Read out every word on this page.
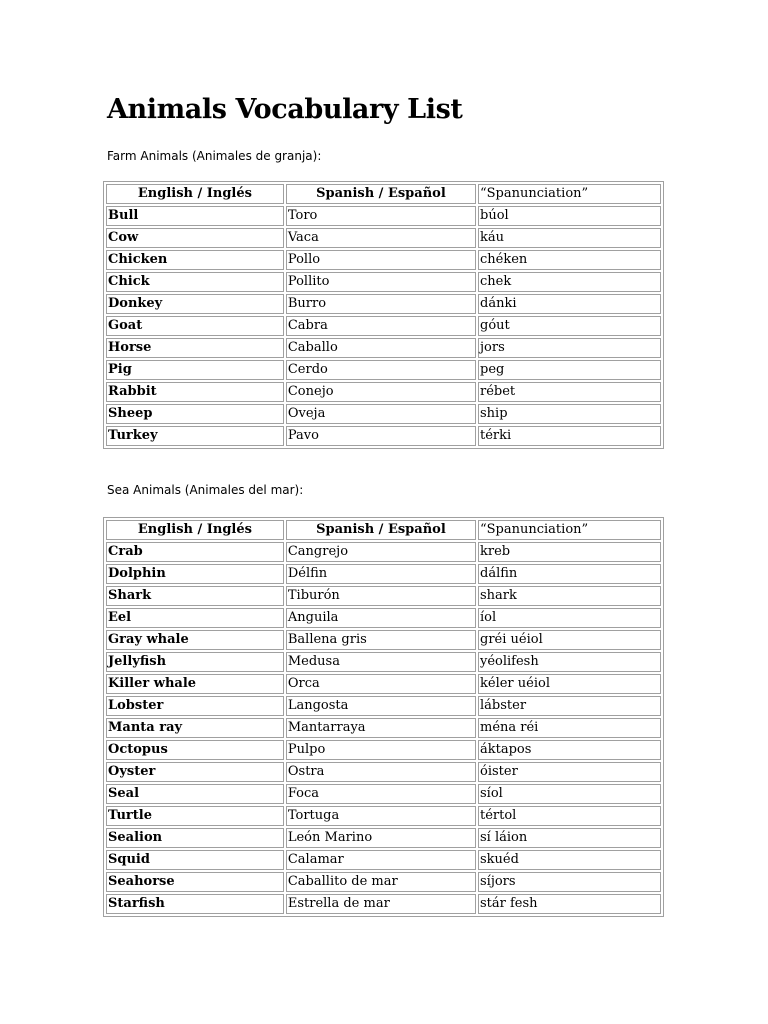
Animals Vocabulary List

Farm Animals (Animales de granja):

English / Inglés	Spanish / Español	“Spanunciation”
Bull	Toro	búol
Cow	Vaca	káu
Chicken	Pollo	chéken
Chick	Pollito	chek
Donkey	Burro	dánki
Goat	Cabra	góut
Horse	Caballo	jors
Pig	Cerdo	peg
Rabbit	Conejo	rébet
Sheep	Oveja	ship
Turkey	Pavo	térki

Sea Animals (Animales del mar):

English / Inglés	Spanish / Español	“Spanunciation”
Crab	Cangrejo	kreb
Dolphin	Délfin	dálfin
Shark	Tiburón	shark
Eel	Anguila	íol
Gray whale	Ballena gris	gréi uéiol
Jellyfish	Medusa	yéolifesh
Killer whale	Orca	kéler uéiol
Lobster	Langosta	lábster
Manta ray	Mantarraya	ména réi
Octopus	Pulpo	áktapos
Oyster	Ostra	óister
Seal	Foca	síol
Turtle	Tortuga	tértol
Sealion	León Marino	sí láion
Squid	Calamar	skuéd
Seahorse	Caballito de mar	síjors
Starfish	Estrella de mar	stár fesh
